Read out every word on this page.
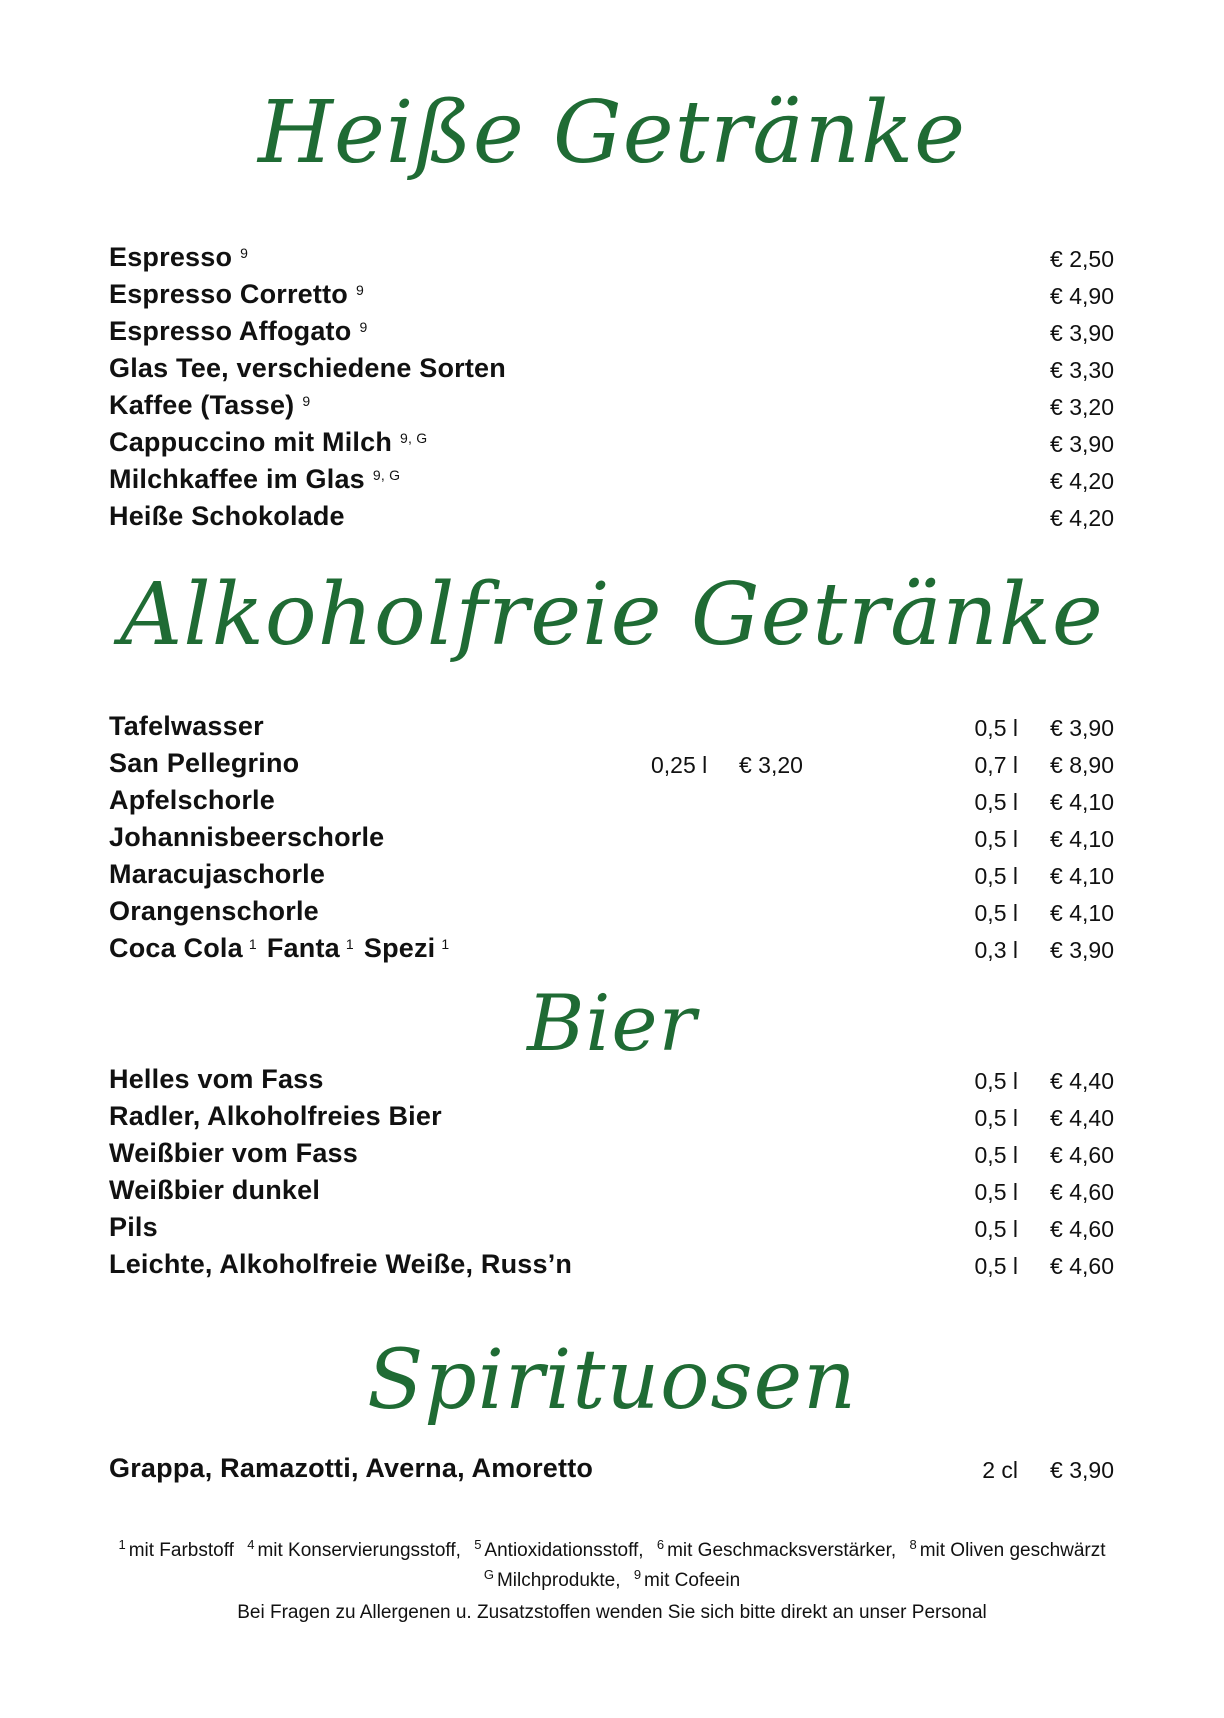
Heiße Getränke
Espresso $^9$	€ 2,50
Espresso Corretto $^9$	€ 4,90
Espresso Affogato $^9$	€ 3,90
Glas Tee, verschiedene Sorten	€ 3,30
Kaffee (Tasse) $^9$	€ 3,20
Cappuccino mit Milch $^{9, G}$	€ 3,90
Milchkaffee im Glas $^{9, G}$	€ 4,20
Heiße Schokolade	€ 4,20
Alkoholfreie Getränke
Tafelwasser	0,5 l € 3,90
San Pellegrino	0,25 l € 3,20	0,7 l € 8,90
Apfelschorle	0,5 l € 4,10
Johannisbeerschorle	0,5 l € 4,10
Maracujaschorle	0,5 l € 4,10
Orangenschorle	0,5 l € 4,10
Coca Cola $^1$ Fanta $^1$ Spezi $^1$	0,3 l € 3,90
Bier
Helles vom Fass	0,5 l € 4,40
Radler, Alkoholfreies Bier	0,5 l € 4,40
Weißbier vom Fass	0,5 l € 4,60
Weißbier dunkel	0,5 l € 4,60
Pils	0,5 l € 4,60
Leichte, Alkoholfreie Weiße, Russ’n	0,5 l € 4,60
Spirituosen
Grappa, Ramazotti, Averna, Amoretto	2 cl € 3,90
$^1$ mit Farbstoff $^4$ mit Konservierungsstoff, $^5$ Antioxidationsstoff, $^6$ mit Geschmacksverstärker, $^8$ mit Oliven geschwärzt
$^G$ Milchprodukte, $^9$ mit Cofeein
Bei Fragen zu Allergenen u. Zusatzstoffen wenden Sie sich bitte direkt an unser Personal
